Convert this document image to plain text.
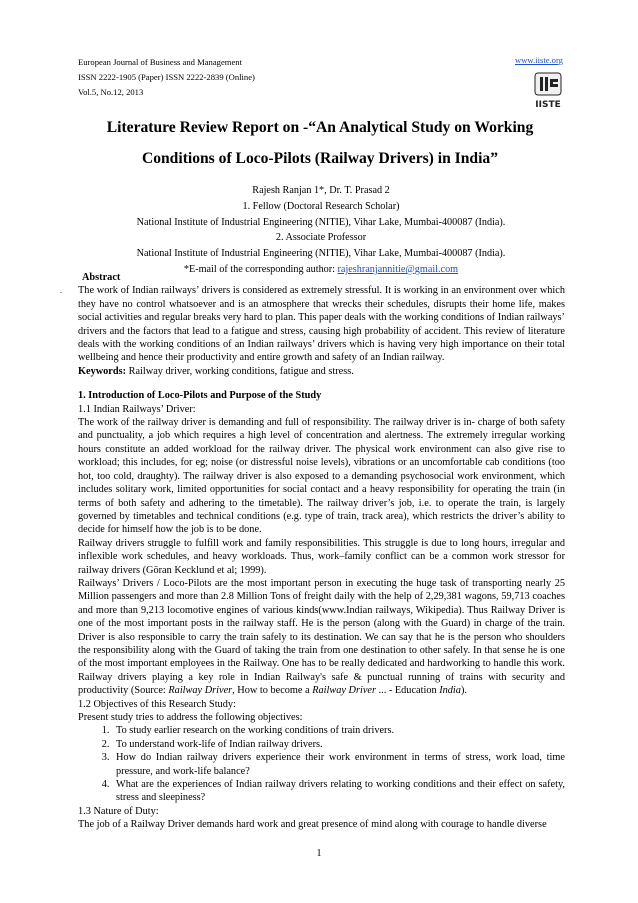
European Journal of Business and Management
ISSN 2222-1905 (Paper) ISSN 2222-2839 (Online)
Vol.5, No.12, 2013
www.iiste.org
IISTE
Literature Review Report on -“An Analytical Study on Working
Conditions of Loco-Pilots (Railway Drivers) in India”
Rajesh Ranjan 1*, Dr. T. Prasad 2
1. Fellow (Doctoral Research Scholar)
National Institute of Industrial Engineering (NITIE), Vihar Lake, Mumbai-400087 (India).
2. Associate Professor
National Institute of Industrial Engineering (NITIE), Vihar Lake, Mumbai-400087 (India).
*E-mail of the corresponding author: rajeshranjannitie@gmail.com
.

Abstract

The work of Indian railways’ drivers is considered as extremely stressful. It is working in an environment over which they have no control whatsoever and is an atmosphere that wrecks their schedules, disrupts their home life, makes social activities and regular breaks very hard to plan. This paper deals with the working conditions of Indian railways’ drivers and the factors that lead to a fatigue and stress, causing high probability of accident. This review of literature deals with the working conditions of an Indian railways’ drivers which is having very high importance on their total wellbeing and hence their productivity and entire growth and safety of an Indian railway.

Keywords: Railway driver, working conditions, fatigue and stress.

1. Introduction of Loco-Pilots and Purpose of the Study

1.1 Indian Railways’ Driver:

The work of the railway driver is demanding and full of responsibility. The railway driver is in- charge of both safety and punctuality, a job which requires a high level of concentration and alertness. The extremely irregular working hours constitute an added workload for the railway driver. The physical work environment can also give rise to workload; this includes, for eg; noise (or distressful noise levels), vibrations or an uncomfortable cab conditions (too hot, too cold, draughty). The railway driver is also exposed to a demanding psychosocial work environment, which includes solitary work, limited opportunities for social contact and a heavy responsibility for operating the train (in terms of both safety and adhering to the timetable). The railway driver’s job, i.e. to operate the train, is largely governed by timetables and technical conditions (e.g. type of train, track area), which restricts the driver’s ability to decide for himself how the job is to be done.

Railway drivers struggle to fulfill work and family responsibilities. This struggle is due to long hours, irregular and inflexible work schedules, and heavy workloads. Thus, work–family conflict can be a common work stressor for railway drivers (Göran Kecklund et al; 1999).

Railways’ Drivers / Loco-Pilots are the most important person in executing the huge task of transporting nearly 25 Million passengers and more than 2.8 Million Tons of freight daily with the help of 2,29,381 wagons, 59,713 coaches and more than 9,213 locomotive engines of various kinds(www.Indian railways, Wikipedia). Thus Railway Driver is one of the most important posts in the railway staff. He is the person (along with the Guard) in charge of the train. Driver is also responsible to carry the train safely to its destination. We can say that he is the person who shoulders the responsibility along with the Guard of taking the train from one destination to other safely. In that sense he is one of the most important employees in the Railway. One has to be really dedicated and hardworking to handle this work. Railway drivers playing a key role in Indian Railway's safe & punctual running of trains with security and productivity (Source: Railway Driver, How to become a Railway Driver ... - Education India).

1.2 Objectives of this Research Study:

Present study tries to address the following objectives:

1. To study earlier research on the working conditions of train drivers.
2. To understand work-life of Indian railway drivers.
3. How do Indian railway drivers experience their work environment in terms of stress, work load, time pressure, and work-life balance?
4. What are the experiences of Indian railway drivers relating to working conditions and their effect on safety, stress and sleepiness?

1.3 Nature of Duty:

The job of a Railway Driver demands hard work and great presence of mind along with courage to handle diverse

1
